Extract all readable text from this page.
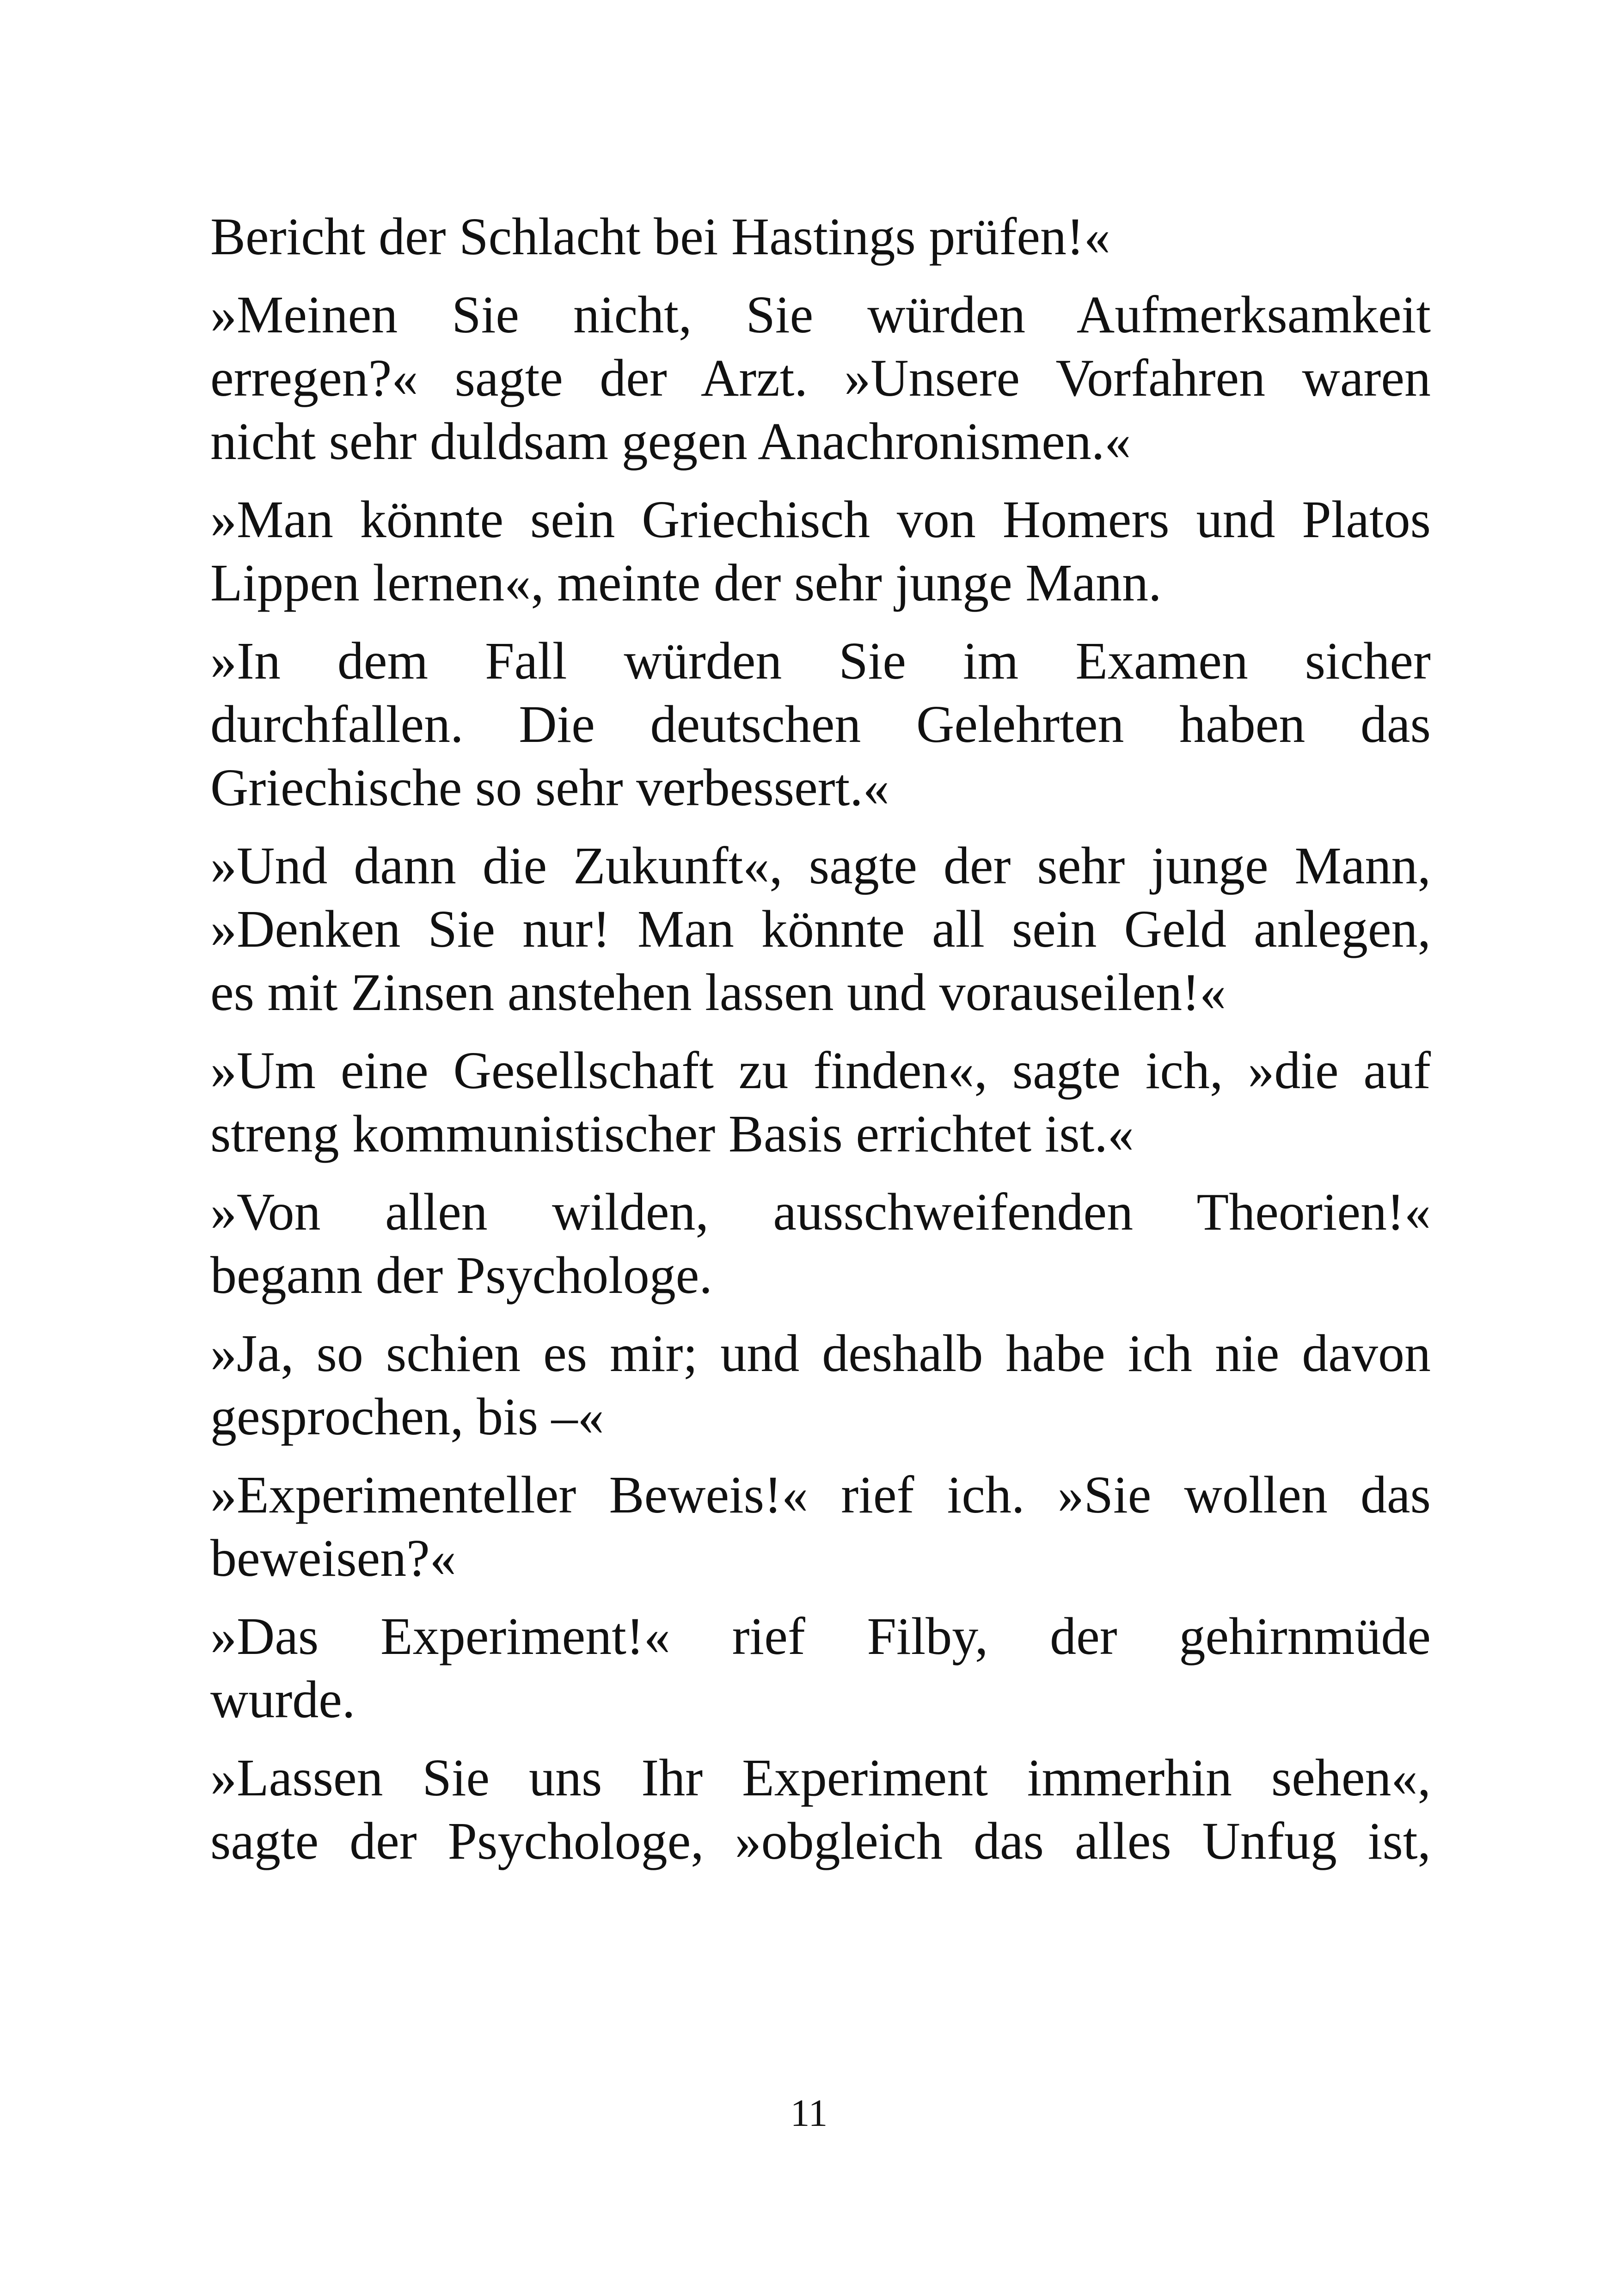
Bericht der Schlacht bei Hastings prüfen!«

»Meinen Sie nicht, Sie würden Aufmerksamkeit
erregen?« sagte der Arzt. »Unsere Vorfahren waren
nicht sehr duldsam gegen Anachronismen.«

»Man könnte sein Griechisch von Homers und Platos
Lippen lernen«, meinte der sehr junge Mann.

»In dem Fall würden Sie im Examen sicher
durchfallen. Die deutschen Gelehrten haben das
Griechische so sehr verbessert.«

»Und dann die Zukunft«, sagte der sehr junge Mann,
»Denken Sie nur! Man könnte all sein Geld anlegen,
es mit Zinsen anstehen lassen und vorauseilen!«

»Um eine Gesellschaft zu finden«, sagte ich, »die auf
streng kommunistischer Basis errichtet ist.«

»Von allen wilden, ausschweifenden Theorien!«
begann der Psychologe.

»Ja, so schien es mir; und deshalb habe ich nie davon
gesprochen, bis –«

»Experimenteller Beweis!« rief ich. »Sie wollen das
beweisen?«

»Das Experiment!« rief Filby, der gehirnmüde
wurde.

»Lassen Sie uns Ihr Experiment immerhin sehen«,
sagte der Psychologe, »obgleich das alles Unfug ist,

11
